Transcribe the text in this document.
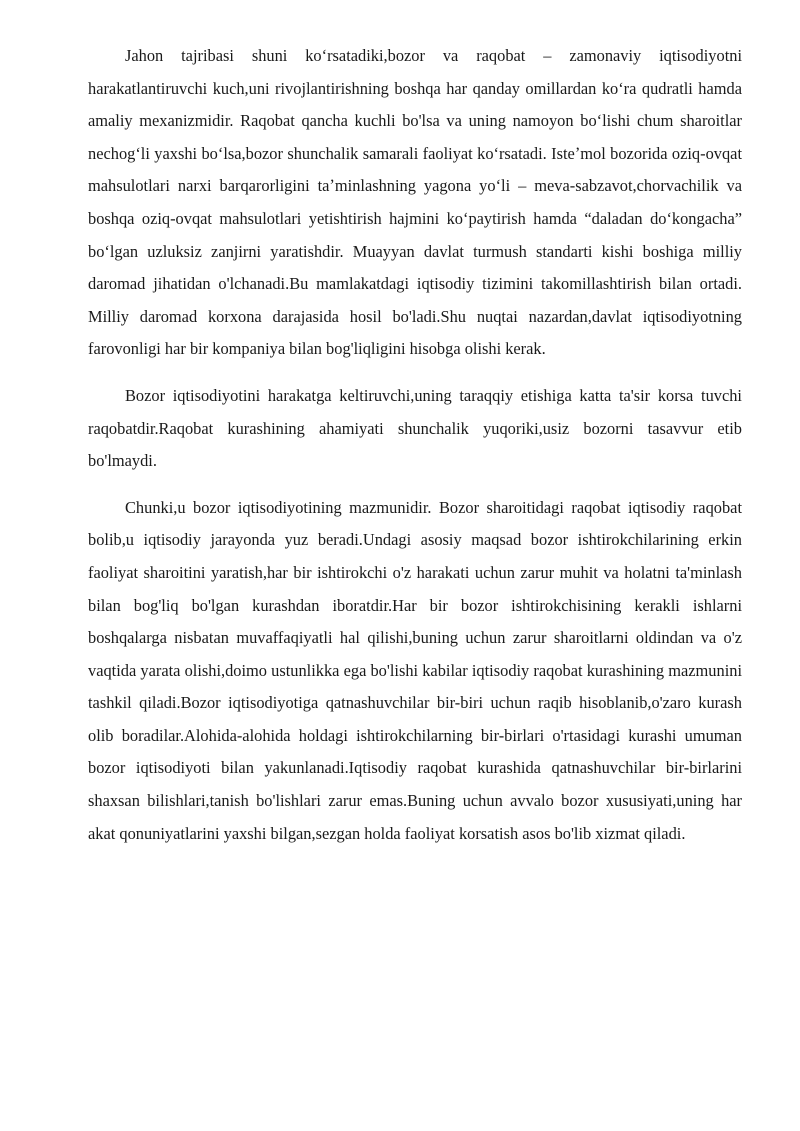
Jahon tajribasi shuni koʻrsatadiki,bozor va raqobat – zamonaviy iqtisodiyotni harakatlantiruvchi kuch,uni rivojlantirishning boshqa har qanday omillardan koʻra qudratli hamda amaliy mexanizmidir. Raqobat qancha kuchli bo'lsa va uning namoyon boʻlishi chum sharoitlar nechogʻli yaxshi boʻlsa,bozor shunchalik samarali faoliyat koʻrsatadi. Isteʼmol bozorida oziq-ovqat mahsulotlari narxi barqarorligini taʼminlashning yagona yoʻli – meva-sabzavot,chorvachilik va boshqa oziq-ovqat mahsulotlari yetishtirish hajmini koʻpaytirish hamda “daladan doʻkongacha” boʻlgan uzluksiz zanjirni yaratishdir. Muayyan davlat turmush standarti kishi boshiga milliy daromad jihatidan o'lchanadi.Bu mamlakatdagi iqtisodiy tizimini takomillashtirish bilan ortadi. Milliy daromad korxona darajasida hosil bo'ladi.Shu nuqtai nazardan,davlat iqtisodiyotning farovonligi har bir kompaniya bilan bog'liqligini hisobga olishi kerak.

Bozor iqtisodiyotini harakatga keltiruvchi,uning taraqqiy etishiga katta ta'sir korsa tuvchi raqobatdir.Raqobat kurashining ahamiyati shunchalik yuqoriki,usiz bozorni tasavvur etib bo'lmaydi.

Chunki,u bozor iqtisodiyotining mazmunidir. Bozor sharoitidagi raqobat iqtisodiy raqobat bolib,u iqtisodiy jarayonda yuz beradi.Undagi asosiy maqsad bozor ishtirokchilarining erkin faoliyat sharoitini yaratish,har bir ishtirokchi o'z harakati uchun zarur muhit va holatni ta'minlash bilan bog'liq bo'lgan kurashdan iboratdir.Har bir bozor ishtirokchisining kerakli ishlarni boshqalarga nisbatan muvaffaqiyatli hal qilishi,buning uchun zarur sharoitlarni oldindan va o'z vaqtida yarata olishi,doimo ustunlikka ega bo'lishi kabilar iqtisodiy raqobat kurashining mazmunini tashkil qiladi.Bozor iqtisodiyotiga qatnashuvchilar bir-biri uchun raqib hisoblanib,o'zaro kurash olib boradilar.Alohida-alohida holdagi ishtirokchilarning bir-birlari o'rtasidagi kurashi umuman bozor iqtisodiyoti bilan yakunlanadi.Iqtisodiy raqobat kurashida qatnashuvchilar bir-birlarini shaxsan bilishlari,tanish bo'lishlari zarur emas.Buning uchun avvalo bozor xususiyati,uning har akat qonuniyatlarini yaxshi bilgan,sezgan holda faoliyat korsatish asos bo'lib xizmat qiladi.
